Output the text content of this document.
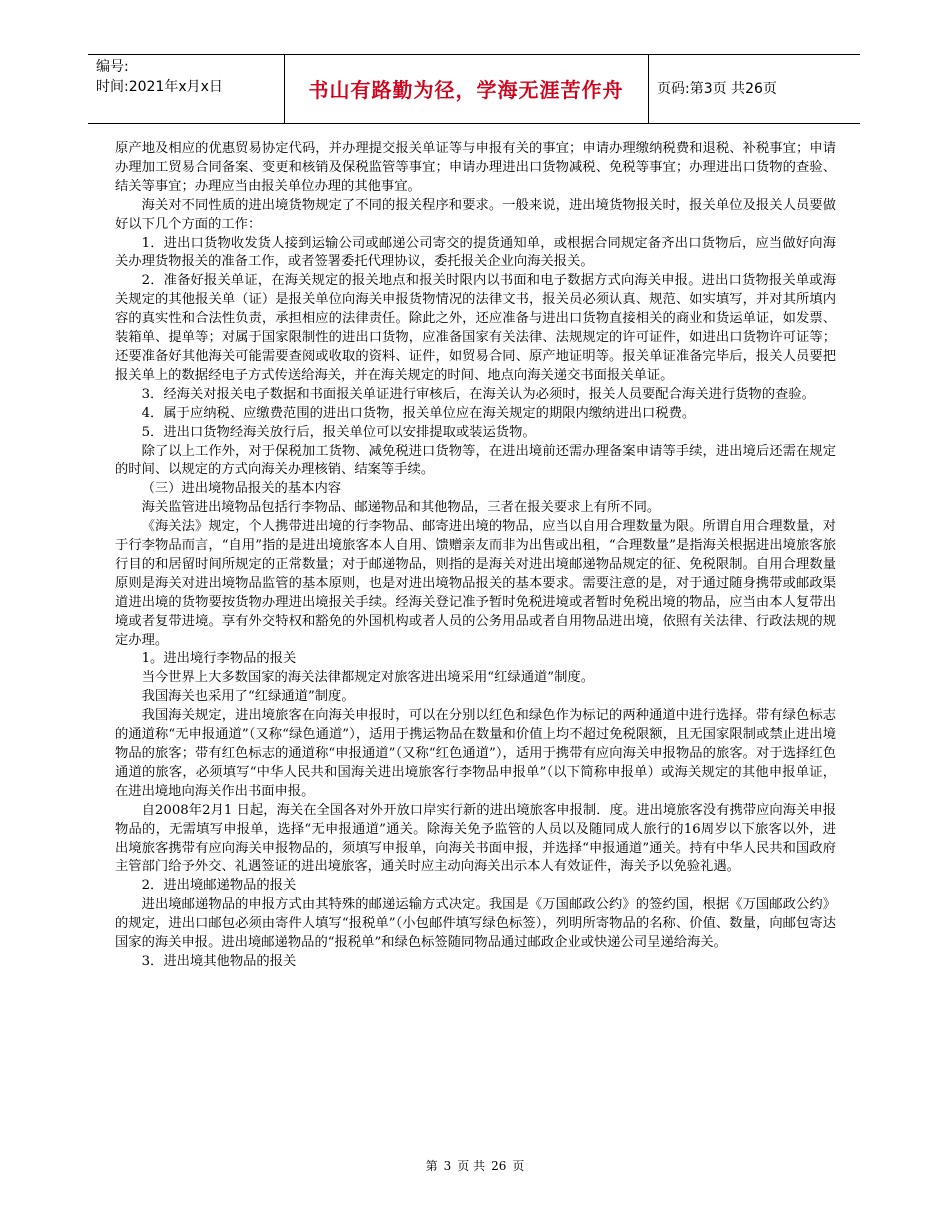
编号:
时间:2021年x月x日	书山有路勤为径，学海无涯苦作舟	页码:第3页 共26页

原产地及相应的优惠贸易协定代码，并办理提交报关单证等与申报有关的事宜；申请办理缴纳税费和退税、补税事宜；申请办理加工贸易合同备案、变更和核销及保税监管等事宜；申请办理进出口货物减税、免税等事宜；办理进出口货物的查验、结关等事宜；办理应当由报关单位办理的其他事宜。

海关对不同性质的进出境货物规定了不同的报关程序和要求。一般来说，进出境货物报关时，报关单位及报关人员要做好以下几个方面的工作：

1．进出口货物收发货人接到运输公司或邮递公司寄交的提货通知单，或根据合同规定备齐出口货物后，应当做好向海关办理货物报关的准备工作，或者签署委托代理协议，委托报关企业向海关报关。

2．准备好报关单证，在海关规定的报关地点和报关时限内以书面和电子数据方式向海关申报。进出口货物报关单或海关规定的其他报关单（证）是报关单位向海关申报货物情况的法律文书，报关员必须认真、规范、如实填写，并对其所填内容的真实性和合法性负责，承担相应的法律责任。除此之外，还应准备与进出口货物直接相关的商业和货运单证，如发票、装箱单、提单等；对属于国家限制性的进出口货物，应准备国家有关法律、法规规定的许可证件，如进出口货物许可证等；还要准备好其他海关可能需要查阅或收取的资料、证件，如贸易合同、原产地证明等。报关单证准备完毕后，报关人员要把报关单上的数据经电子方式传送给海关，并在海关规定的时间、地点向海关递交书面报关单证。

3．经海关对报关电子数据和书面报关单证进行审核后，在海关认为必须时，报关人员要配合海关进行货物的查验。

4．属于应纳税、应缴费范围的进出口货物，报关单位应在海关规定的期限内缴纳进出口税费。

5．进出口货物经海关放行后，报关单位可以安排提取或装运货物。

除了以上工作外，对于保税加工货物、减免税进口货物等，在进出境前还需办理备案申请等手续，进出境后还需在规定的时间、以规定的方式向海关办理核销、结案等手续。

（三）进出境物品报关的基本内容

海关监管进出境物品包括行李物品、邮递物品和其他物品，三者在报关要求上有所不同。

《海关法》规定，个人携带进出境的行李物品、邮寄进出境的物品，应当以自用合理数量为限。所谓自用合理数量，对于行李物品而言，“自用”指的是进出境旅客本人自用、馈赠亲友而非为出售或出租，“合理数量”是指海关根据进出境旅客旅行目的和居留时间所规定的正常数量；对于邮递物品，则指的是海关对进出境邮递物品规定的征、免税限制。自用合理数量原则是海关对进出境物品监管的基本原则，也是对进出境物品报关的基本要求。需要注意的是，对于通过随身携带或邮政渠道进出境的货物要按货物办理进出境报关手续。经海关登记准予暂时免税进境或者暂时免税出境的物品，应当由本人复带出境或者复带进境。享有外交特权和豁免的外国机构或者人员的公务用品或者自用物品进出境，依照有关法律、行政法规的规定办理。

1。进出境行李物品的报关

当今世界上大多数国家的海关法律都规定对旅客进出境采用“红绿通道”制度。

我国海关也采用了“红绿通道”制度。

我国海关规定，进出境旅客在向海关申报时，可以在分别以红色和绿色作为标记的两种通道中进行选择。带有绿色标志的通道称“无申报通道”（又称“绿色通道”），适用于携运物品在数量和价值上均不超过免税限额，且无国家限制或禁止进出境物品的旅客；带有红色标志的通道称“申报通道”（又称“红色通道”），适用于携带有应向海关申报物品的旅客。对于选择红色通道的旅客，必须填写“中华人民共和国海关进出境旅客行李物品申报单”（以下简称申报单）或海关规定的其他申报单证，在进出境地向海关作出书面申报。

自2008年2月1 日起，海关在全国各对外开放口岸实行新的进出境旅客申报制．度。进出境旅客没有携带应向海关申报物品的，无需填写申报单，选择“无申报通道”通关。除海关免予监管的人员以及随同成人旅行的16周岁以下旅客以外，进出境旅客携带有应向海关申报物品的，须填写申报单，向海关书面申报，并选择“申报通道”通关。持有中华人民共和国政府主管部门给予外交、礼遇签证的进出境旅客，通关时应主动向海关出示本人有效证件，海关予以免验礼遇。

2．进出境邮递物品的报关

进出境邮递物品的申报方式由其特殊的邮递运输方式决定。我国是《万国邮政公约》的签约国，根据《万国邮政公约》的规定，进出口邮包必须由寄件人填写“报税单”（小包邮件填写绿色标签），列明所寄物品的名称、价值、数量，向邮包寄达国家的海关申报。进出境邮递物品的“报税单”和绿色标签随同物品通过邮政企业或快递公司呈递给海关。

3．进出境其他物品的报关

第 3 页 共 26 页
